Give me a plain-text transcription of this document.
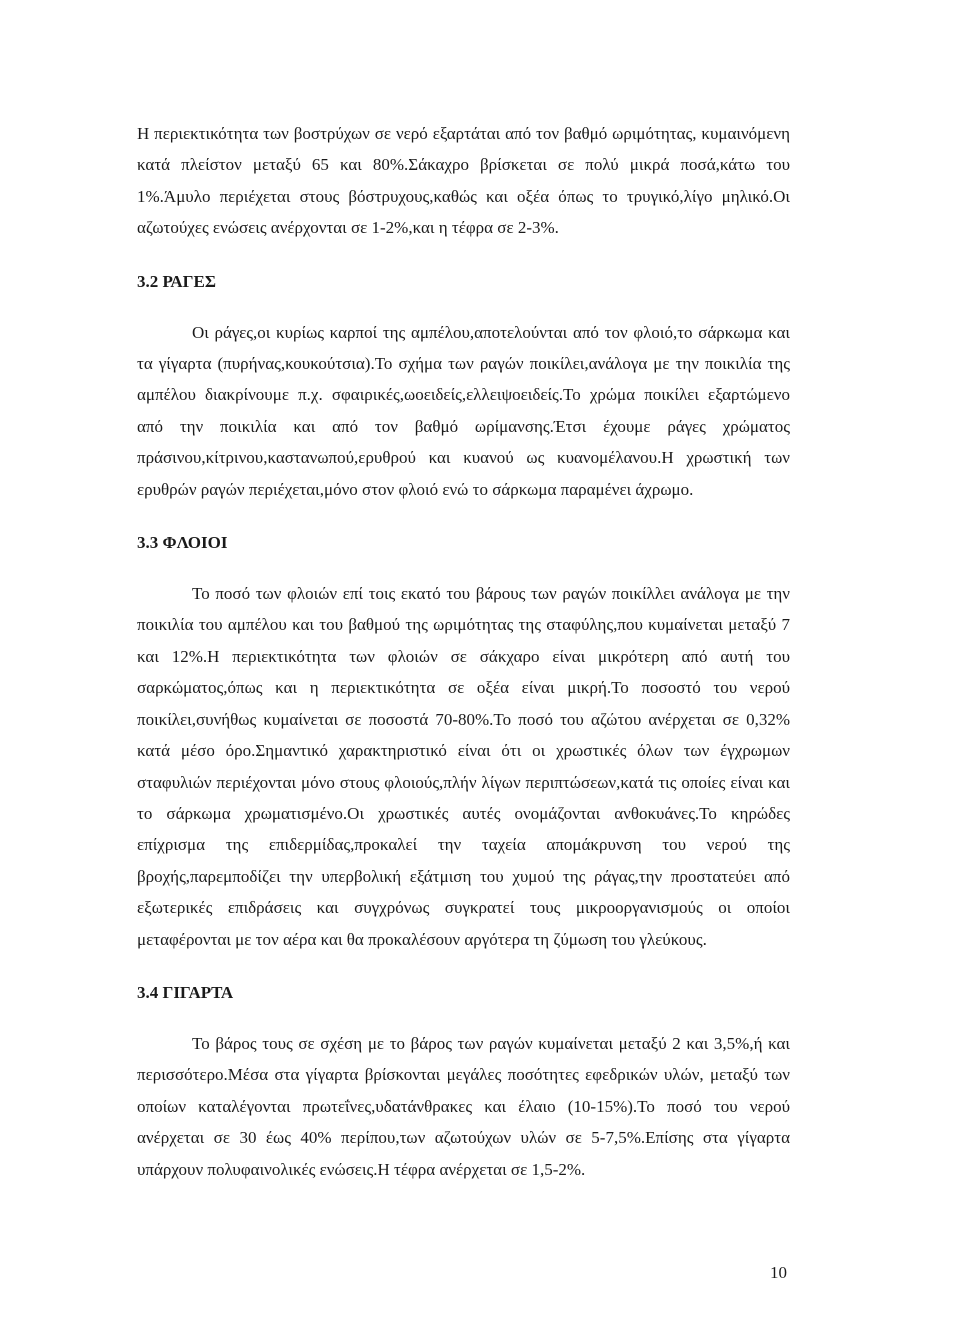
Η περιεκτικότητα των βοστρύχων σε νερό εξαρτάται από τον βαθμό ωριμότητας, κυμαινόμενη κατά πλείστον μεταξύ 65 και 80%.Σάκαχρο βρίσκεται σε πολύ μικρά ποσά,κάτω του 1%.Άμυλο περιέχεται στους βόστρυχους,καθώς και οξέα όπως το τρυγικό,λίγο μηλικό.Οι αζωτούχες ενώσεις ανέρχονται σε 1-2%,και η τέφρα σε 2-3%.

3.2 ΡΑΓΕΣ

Οι ράγες,οι κυρίως καρποί της αμπέλου,αποτελούνται από τον φλοιό,το σάρκωμα και τα γίγαρτα (πυρήνας,κουκούτσια).Το σχήμα των ραγών ποικίλει,ανάλογα με την ποικιλία της αμπέλου διακρίνουμε π.χ. σφαιρικές,ωοειδείς,ελλειψοειδείς.Το χρώμα ποικίλει εξαρτώμενο από την ποικιλία και από τον βαθμό ωρίμανσης.Έτσι έχουμε ράγες χρώματος πράσινου,κίτρινου,καστανωπού,ερυθρού και κυανού ως κυανομέλανου.Η χρωστική των ερυθρών ραγών περιέχεται,μόνο στον φλοιό ενώ το σάρκωμα παραμένει άχρωμο.

3.3 ΦΛΟΙΟΙ

Το ποσό των φλοιών επί τοις εκατό του βάρους των ραγών ποικίλλει ανάλογα με την ποικιλία του αμπέλου και του βαθμού της ωριμότητας της σταφύλης,που κυμαίνεται μεταξύ 7 και 12%.Η περιεκτικότητα των φλοιών σε σάκχαρο είναι μικρότερη από αυτή του σαρκώματος,όπως και η περιεκτικότητα σε οξέα είναι μικρή.Το ποσοστό του νερού ποικίλει,συνήθως κυμαίνεται σε ποσοστά 70-80%.Το ποσό του αζώτου ανέρχεται σε 0,32% κατά μέσο όρο.Σημαντικό χαρακτηριστικό είναι ότι οι χρωστικές όλων των έγχρωμων σταφυλιών περιέχονται μόνο στους φλοιούς,πλήν λίγων περιπτώσεων,κατά τις οποίες είναι και το σάρκωμα χρωματισμένο.Οι χρωστικές αυτές ονομάζονται ανθοκυάνες.Το κηρώδες επίχρισμα της επιδερμίδας,προκαλεί την ταχεία απομάκρυνση του νερού της βροχής,παρεμποδίζει την υπερβολική εξάτμιση του χυμού της ράγας,την προστατεύει από εξωτερικές επιδράσεις και συγχρόνως συγκρατεί τους μικροοργανισμούς οι οποίοι μεταφέρονται με τον αέρα και θα προκαλέσουν αργότερα τη ζύμωση του γλεύκους.

3.4 ΓΙΓΑΡΤΑ

Το βάρος τους σε σχέση με το βάρος των ραγών κυμαίνεται μεταξύ 2 και 3,5%,ή και περισσότερο.Μέσα στα γίγαρτα βρίσκονται μεγάλες ποσότητες εφεδρικών υλών, μεταξύ των οποίων καταλέγονται πρωτεΐνες,υδατάνθρακες και έλαιο (10-15%).Το ποσό του νερού ανέρχεται σε 30 έως 40% περίπου,των αζωτούχων υλών σε 5-7,5%.Επίσης στα γίγαρτα υπάρχουν πολυφαινολικές ενώσεις.Η τέφρα ανέρχεται σε 1,5-2%.

10
